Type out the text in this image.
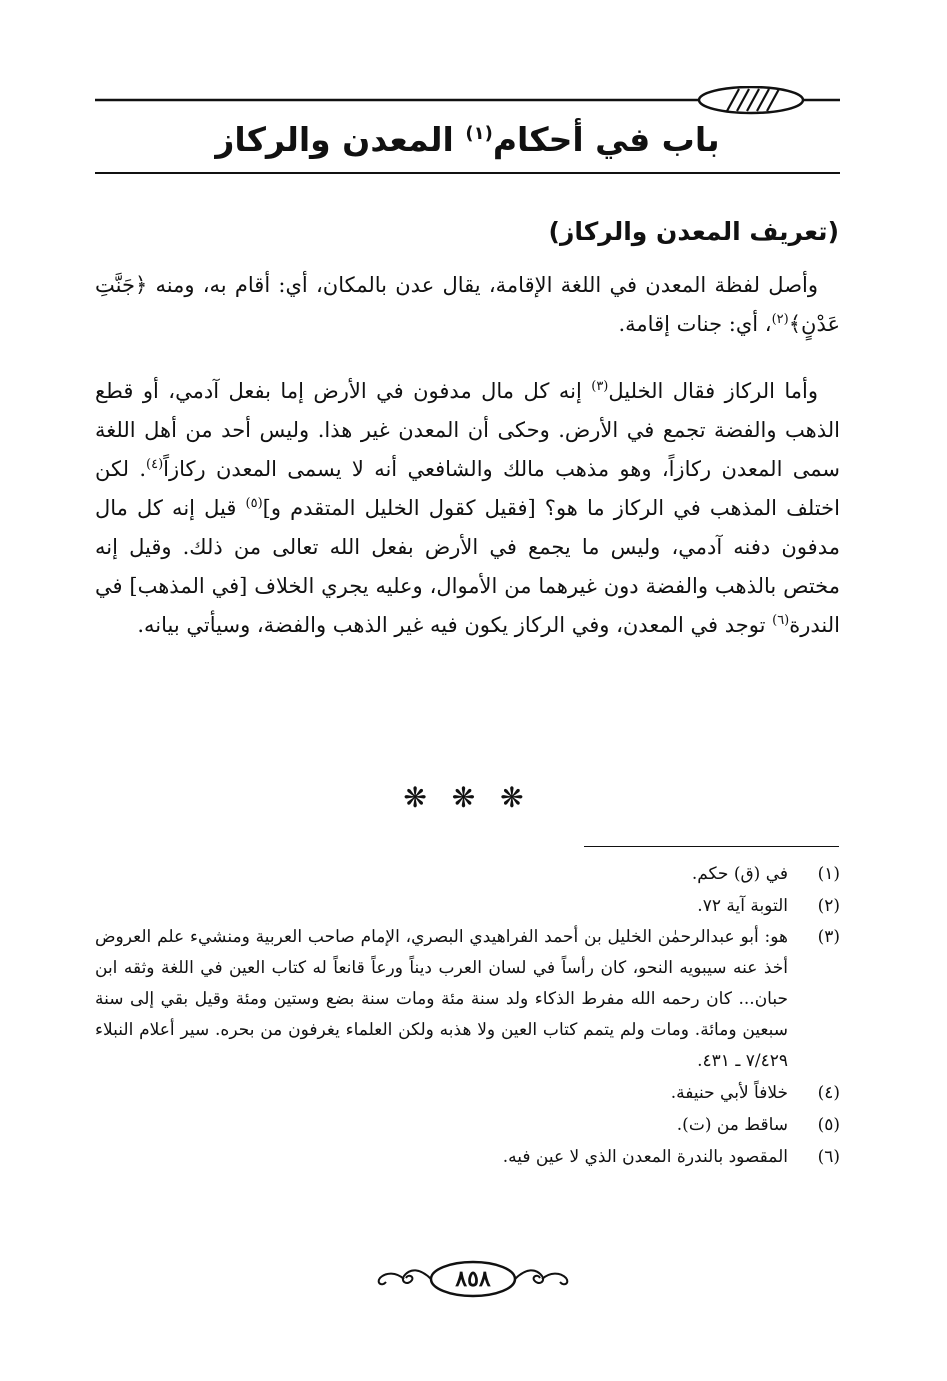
باب في أحكام$^{(١)}$ المعدن والركاز
(تعريف المعدن والركاز)

وأصل لفظة المعدن في اللغة الإقامة، يقال عدن بالمكان، أي: أقام به، ومنه ﴿جَنَّتِ عَدْنٍ﴾$^{(٢)}$، أي: جنات إقامة.

وأما الركاز فقال الخليل$^{(٣)}$ إنه كل مال مدفون في الأرض إما بفعل آدمي، أو قطع الذهب والفضة تجمع في الأرض. وحكى أن المعدن غير هذا. وليس أحد من أهل اللغة سمى المعدن ركازاً، وهو مذهب مالك والشافعي أنه لا يسمى المعدن ركازاً$^{(٤)}$. لكن اختلف المذهب في الركاز ما هو؟ [فقيل كقول الخليل المتقدم و]$^{(٥)}$ قيل إنه كل مال مدفون دفنه آدمي، وليس ما يجمع في الأرض بفعل الله تعالى من ذلك. وقيل إنه مختص بالذهب والفضة دون غيرهما من الأموال، وعليه يجري الخلاف [في المذهب] في الندرة$^{(٦)}$ توجد في المعدن، وفي الركاز يكون فيه غير الذهب والفضة، وسيأتي بيانه.

❋ ❋ ❋
(١)
في (ق) حكم.
(٢)
التوبة آية ٧٢.
(٣)
هو: أبو عبدالرحمٰن الخليل بن أحمد الفراهيدي البصري، الإمام صاحب العربية ومنشيء علم العروض أخذ عنه سيبويه النحو، كان رأساً في لسان العرب ديناً ورعاً قانعاً له كتاب العين في اللغة وثقه ابن حبان... كان رحمه الله مفرط الذكاء ولد سنة مئة ومات سنة بضع وستين ومئة وقيل بقي إلى سنة سبعين ومائة. ومات ولم يتمم كتاب العين ولا هذبه ولكن العلماء يغرفون من بحره. سير أعلام النبلاء ٧/٤٢٩ ـ ٤٣١.
(٤)
خلافاً لأبي حنيفة.
(٥)
ساقط من (ت).
(٦)
المقصود بالندرة المعدن الذي لا عين فيه.
٨٥٨
